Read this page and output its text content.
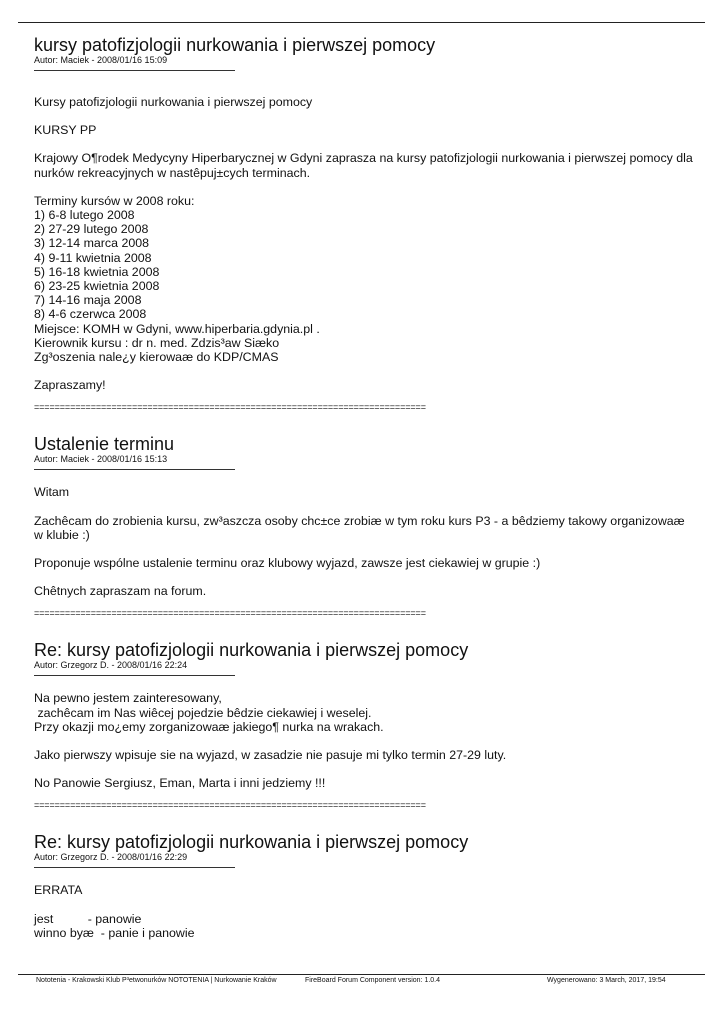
kursy patofizjologii nurkowania i pierwszej pomocy

Autor: Maciek - 2008/01/16 15:09

Kursy patofizjologii nurkowania i pierwszej pomocy

KURSY PP

Krajowy O¶rodek Medycyny Hiperbarycznej w Gdyni zaprasza na kursy patofizjologii nurkowania i pierwszej pomocy dla nurków rekreacyjnych w nastêpuj±cych terminach.

Terminy kursów w 2008 roku:
1) 6-8 lutego 2008
2) 27-29 lutego 2008
3) 12-14 marca 2008
4) 9-11 kwietnia 2008
5) 16-18 kwietnia 2008
6) 23-25 kwietnia 2008
7) 14-16 maja 2008
8) 4-6 czerwca 2008
Miejsce: KOMH w Gdyni, www.hiperbaria.gdynia.pl .
Kierownik kursu : dr n. med. Zdzis³aw Siæko
Zg³oszenia nale¿y kierowaæ do KDP/CMAS

Zapraszamy!

============================================================================

Ustalenie terminu

Autor: Maciek - 2008/01/16 15:13

Witam

Zachêcam do zrobienia kursu, zw³aszcza osoby chc±ce zrobiæ w tym roku kurs P3 - a bêdziemy takowy organizowaæ w klubie :)

Proponuje wspólne ustalenie terminu oraz klubowy wyjazd, zawsze jest ciekawiej w grupie :)

Chêtnych zapraszam na forum.

============================================================================

Re: kursy patofizjologii nurkowania i pierwszej pomocy

Autor: Grzegorz D. - 2008/01/16 22:24

Na pewno jestem zainteresowany,
zachêcam im Nas wiêcej pojedzie bêdzie ciekawiej i weselej.
Przy okazji mo¿emy zorganizowaæ jakiego¶ nurka na wrakach.

Jako pierwszy wpisuje sie na wyjazd, w zasadzie nie pasuje mi tylko termin 27-29 luty.

No Panowie Sergiusz, Eman, Marta i inni jedziemy !!!

============================================================================

Re: kursy patofizjologii nurkowania i pierwszej pomocy

Autor: Grzegorz D. - 2008/01/16 22:29

ERRATA

jest          - panowie
winno byæ  - panie i panowie
Nototenia - Krakowski Klub P³etwonurków NOTOTENIA | Nurkowanie Kraków	FireBoard Forum Component version: 1.0.4	Wygenerowano: 3 March, 2017, 19:54
